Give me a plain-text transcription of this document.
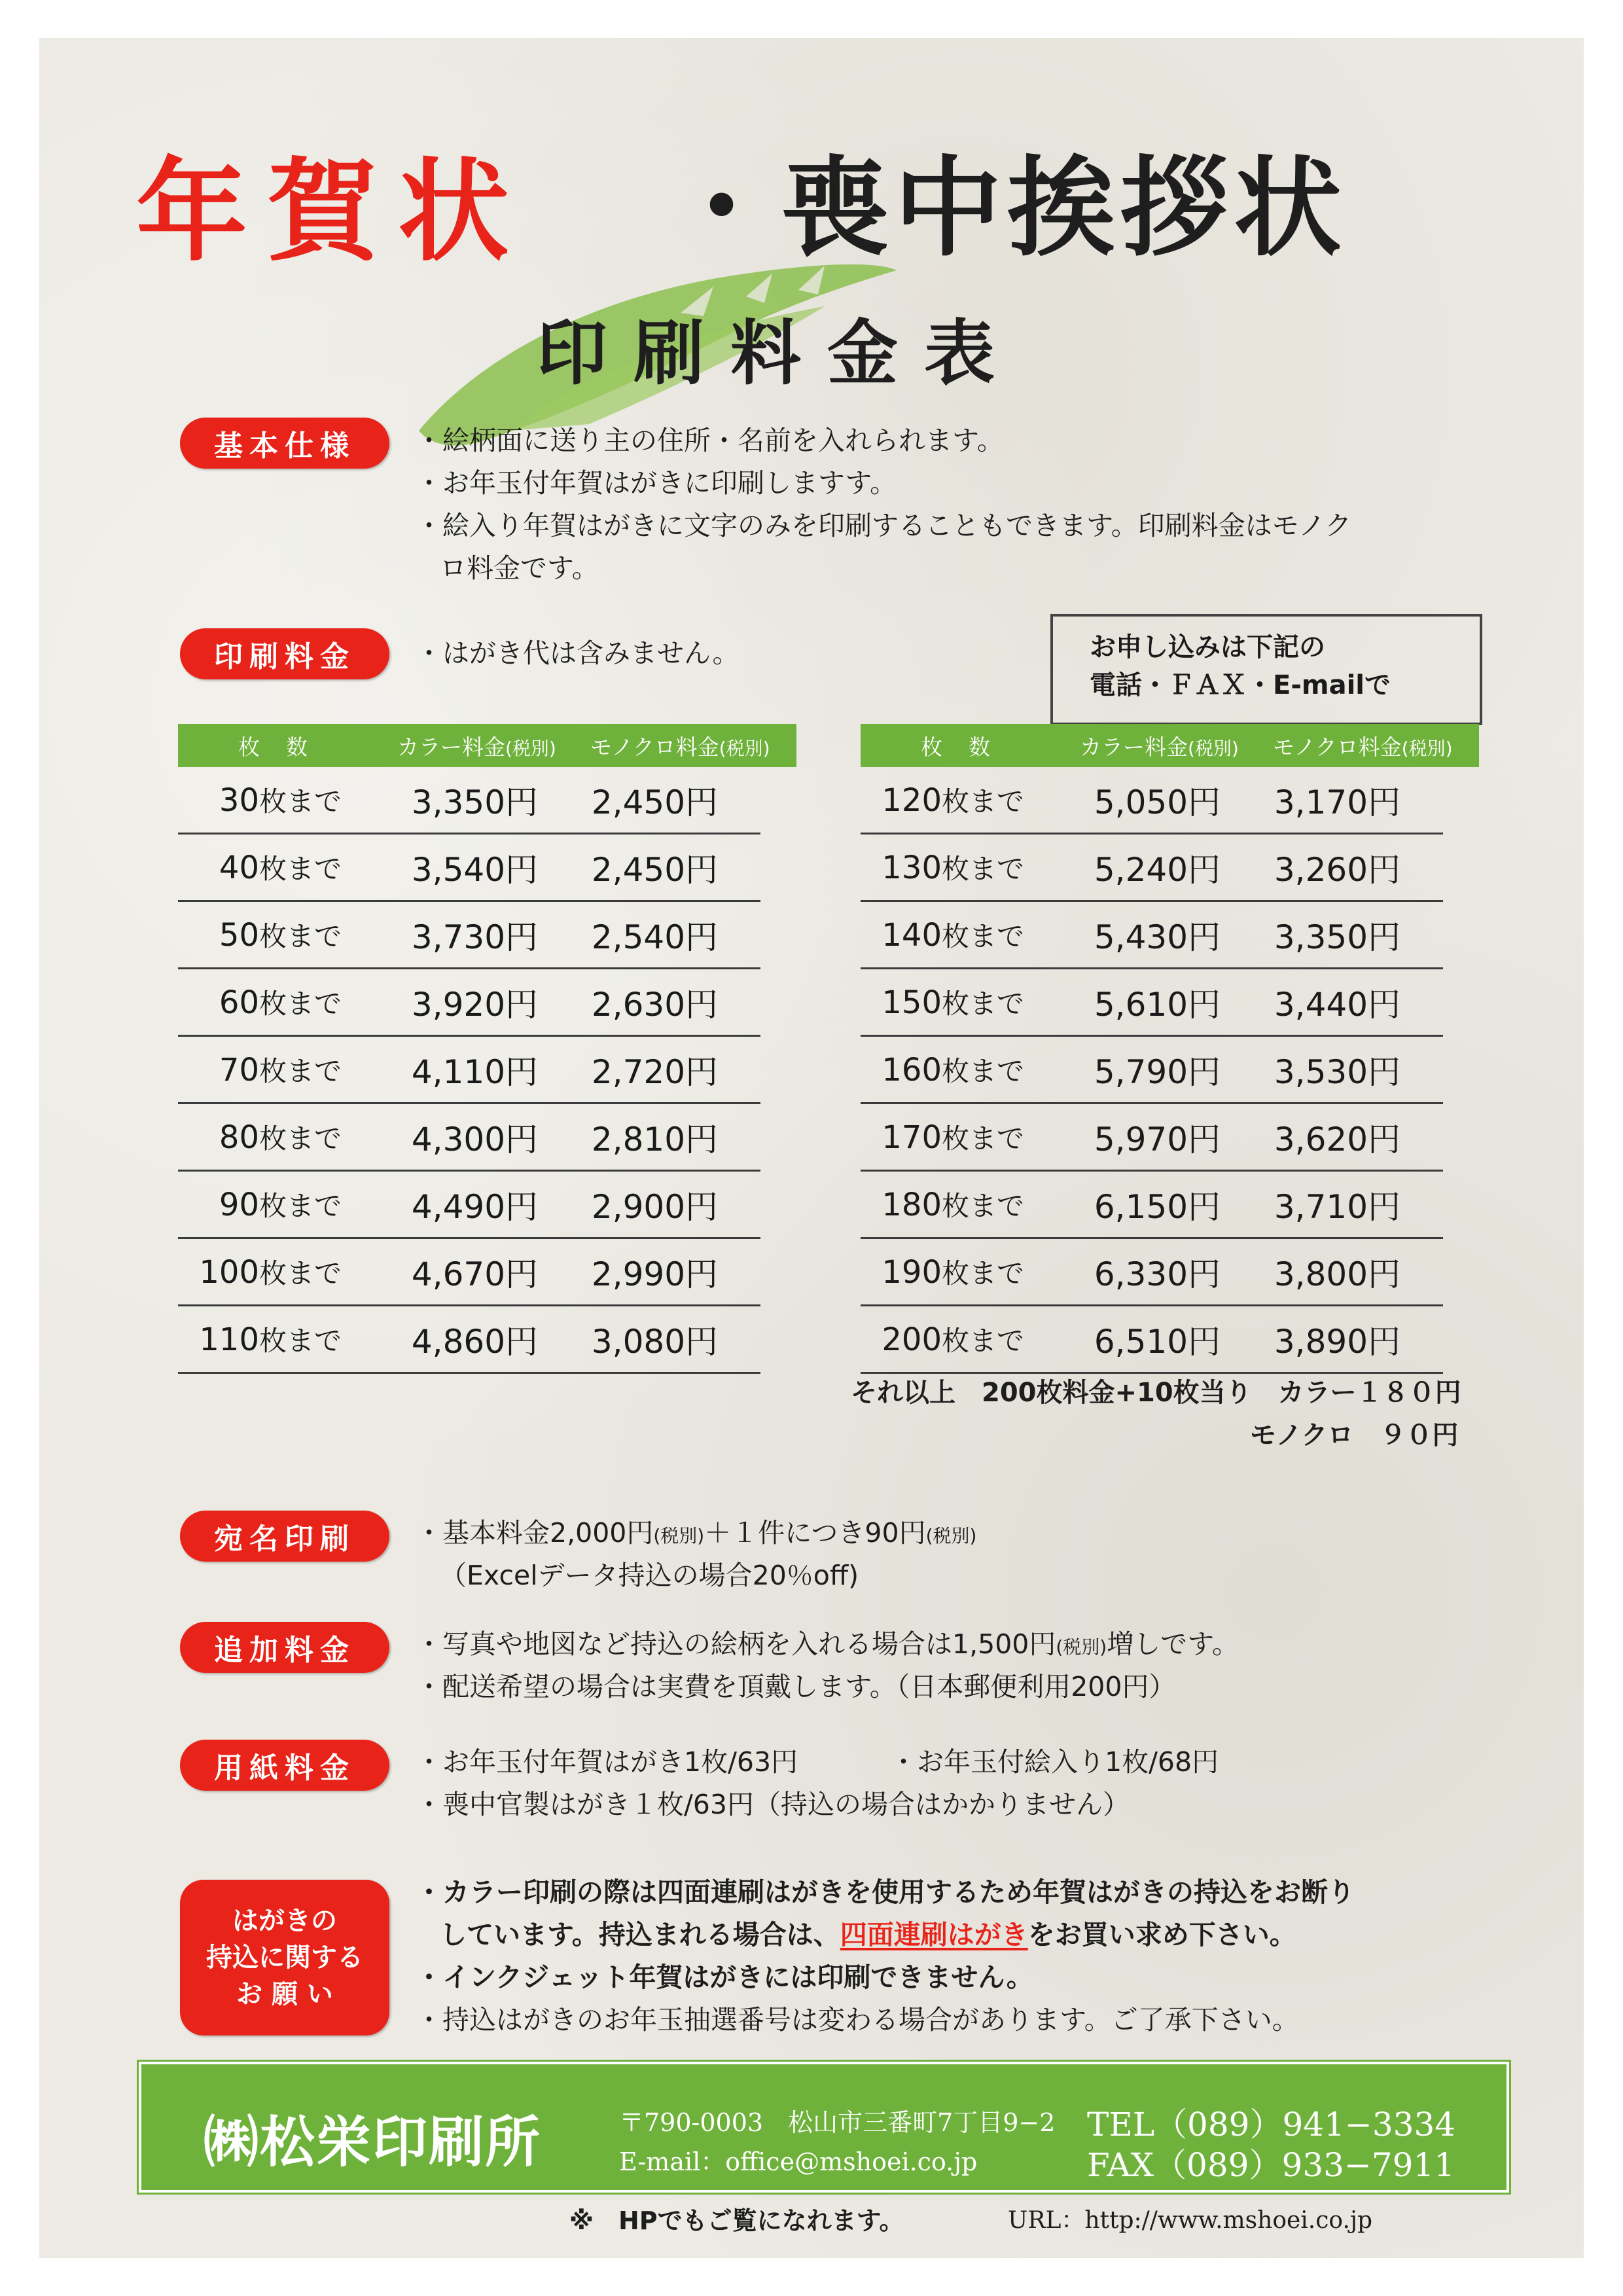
年賀状 ・喪中挨拶状
印刷料金表
基本仕様	・絵柄面に送り主の住所・名前を入れられます。
・お年玉付年賀はがきに印刷しますす。
・絵入り年賀はがきに文字のみを印刷することもできます。印刷料金はモノク
ロ料金です。
お申し込みは下記の
電話・ＦＡＸ・E-mailで
印刷料金	・はがき代は含みません。
枚数	カラー料金(税別)	モノクロ料金(税別)
30枚まで	3,350円	2,450円
40枚まで	3,540円	2,450円
50枚まで	3,730円	2,540円
60枚まで	3,920円	2,630円
70枚まで	4,110円	2,720円
80枚まで	4,300円	2,810円
90枚まで	4,490円	2,900円
100枚まで	4,670円	2,990円
110枚まで	4,860円	3,080円
枚数	カラー料金(税別)	モノクロ料金(税別)
120枚まで	5,050円	3,170円
130枚まで	5,240円	3,260円
140枚まで	5,430円	3,350円
150枚まで	5,610円	3,440円
160枚まで	5,790円	3,530円
170枚まで	5,970円	3,620円
180枚まで	6,150円	3,710円
190枚まで	6,330円	3,800円
200枚まで	6,510円	3,890円
それ以上　200枚料金+10枚当り　カラー１８０円
モノクロ　９０円
宛名印刷	・基本料金2,000円(税別)＋１件につき90円(税別)
（Excelデータ持込の場合20％off)
追加料金	・写真や地図など持込の絵柄を入れる場合は1,500円(税別)増しです。
・配送希望の場合は実費を頂戴します。（日本郵便利用200円）
用紙料金	・お年玉付年賀はがき1枚/63円	・お年玉付絵入り1枚/68円
・喪中官製はがき１枚/63円（持込の場合はかかりません）
はがきの
持込に関する
お 願 い
・カラー印刷の際は四面連刷はがきを使用するため年賀はがきの持込をお断り
しています。持込まれる場合は、四面連刷はがきをお買い求め下さい。
・インクジェット年賀はがきには印刷できません。
・持込はがきのお年玉抽選番号は変わる場合があります。ご了承下さい。
㈱松栄印刷所	〒790-0003　松山市三番町7丁目9−2
E-mail：office@mshoei.co.jp
TEL（089）941−3334
FAX（089）933−7911
※　HPでもご覧になれます。	URL：http://www.mshoei.co.jp
